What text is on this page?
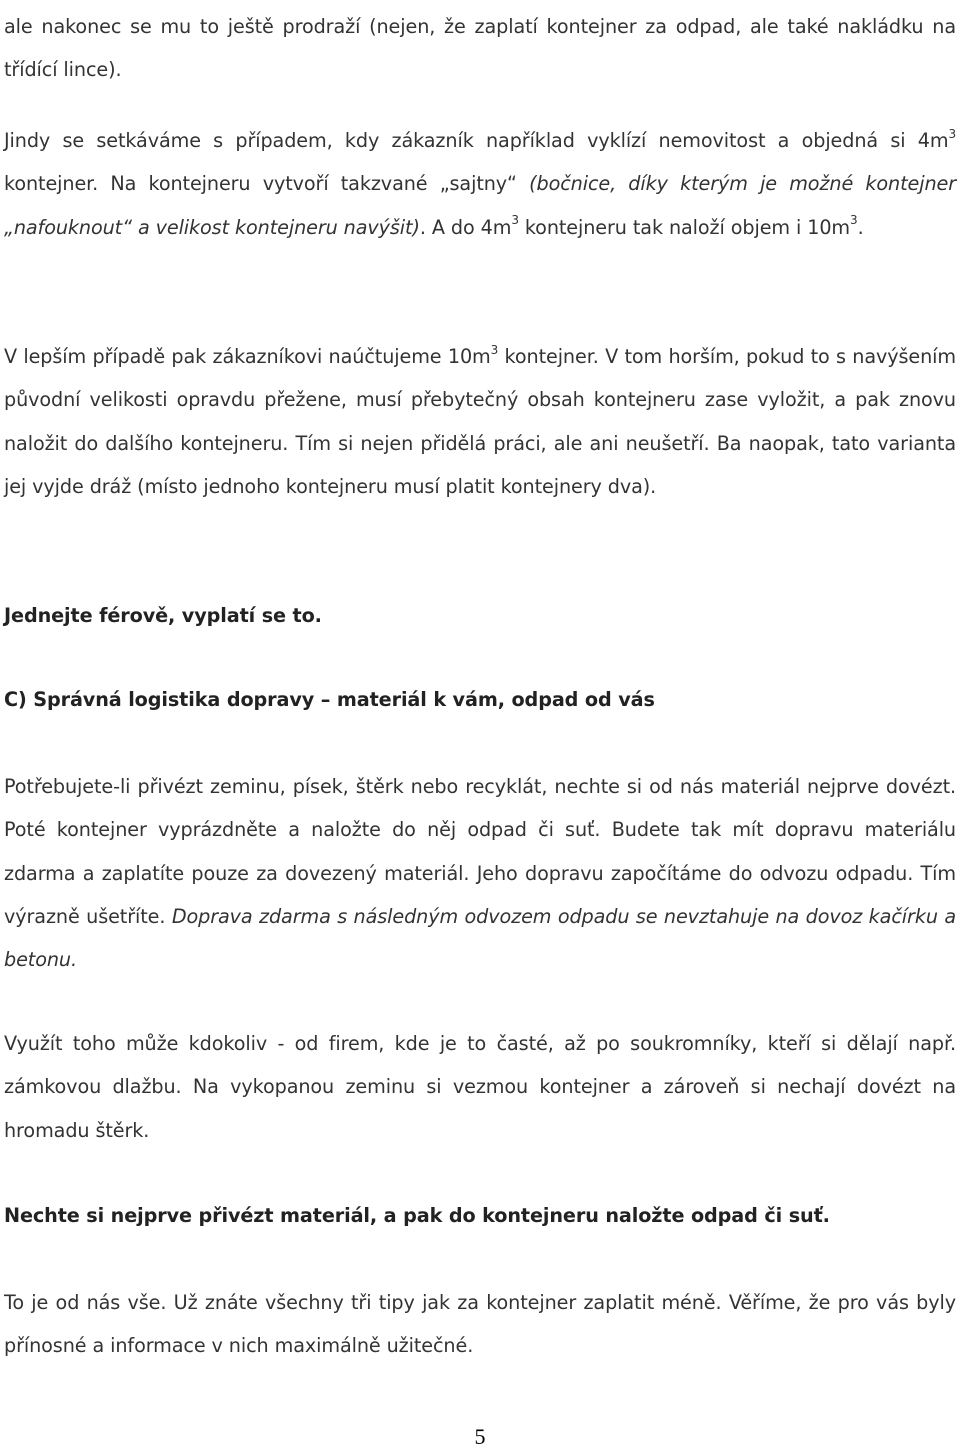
ale nakonec se mu to ještě prodraží (nejen, že zaplatí kontejner za odpad, ale také nakládku na třídící lince).

Jindy se setkáváme s případem, kdy zákazník například vyklízí nemovitost a objedná si $4m^3$ kontejner. Na kontejneru vytvoří takzvané „sajtny“ (bočnice, díky kterým je možné kontejner „nafouknout“ a velikost kontejneru navýšit). A do $4m^3$ kontejneru tak naloží objem i $10m^3$.

V lepším případě pak zákazníkovi naúčtujeme $10m^3$ kontejner. V tom horším, pokud to s navýšením původní velikosti opravdu přežene, musí přebytečný obsah kontejneru zase vyložit, a pak znovu naložit do dalšího kontejneru. Tím si nejen přidělá práci, ale ani neušetří. Ba naopak, tato varianta jej vyjde dráž (místo jednoho kontejneru musí platit kontejnery dva).

Jednejte férově, vyplatí se to.

C) Správná logistika dopravy – materiál k vám, odpad od vás

Potřebujete-li přivézt zeminu, písek, štěrk nebo recyklát, nechte si od nás materiál nejprve dovézt. Poté kontejner vyprázdněte a naložte do něj odpad či suť. Budete tak mít dopravu materiálu zdarma a zaplatíte pouze za dovezený materiál. Jeho dopravu započítáme do odvozu odpadu. Tím výrazně ušetříte. Doprava zdarma s následným odvozem odpadu se nevztahuje na dovoz kačírku a betonu.

Využít toho může kdokoliv - od firem, kde je to časté, až po soukromníky, kteří si dělají např. zámkovou dlažbu. Na vykopanou zeminu si vezmou kontejner a zároveň si nechají dovézt na hromadu štěrk.

Nechte si nejprve přivézt materiál, a pak do kontejneru naložte odpad či suť.

To je od nás vše. Už znáte všechny tři tipy jak za kontejner zaplatit méně. Věříme, že pro vás byly přínosné a informace v nich maximálně užitečné.

5
